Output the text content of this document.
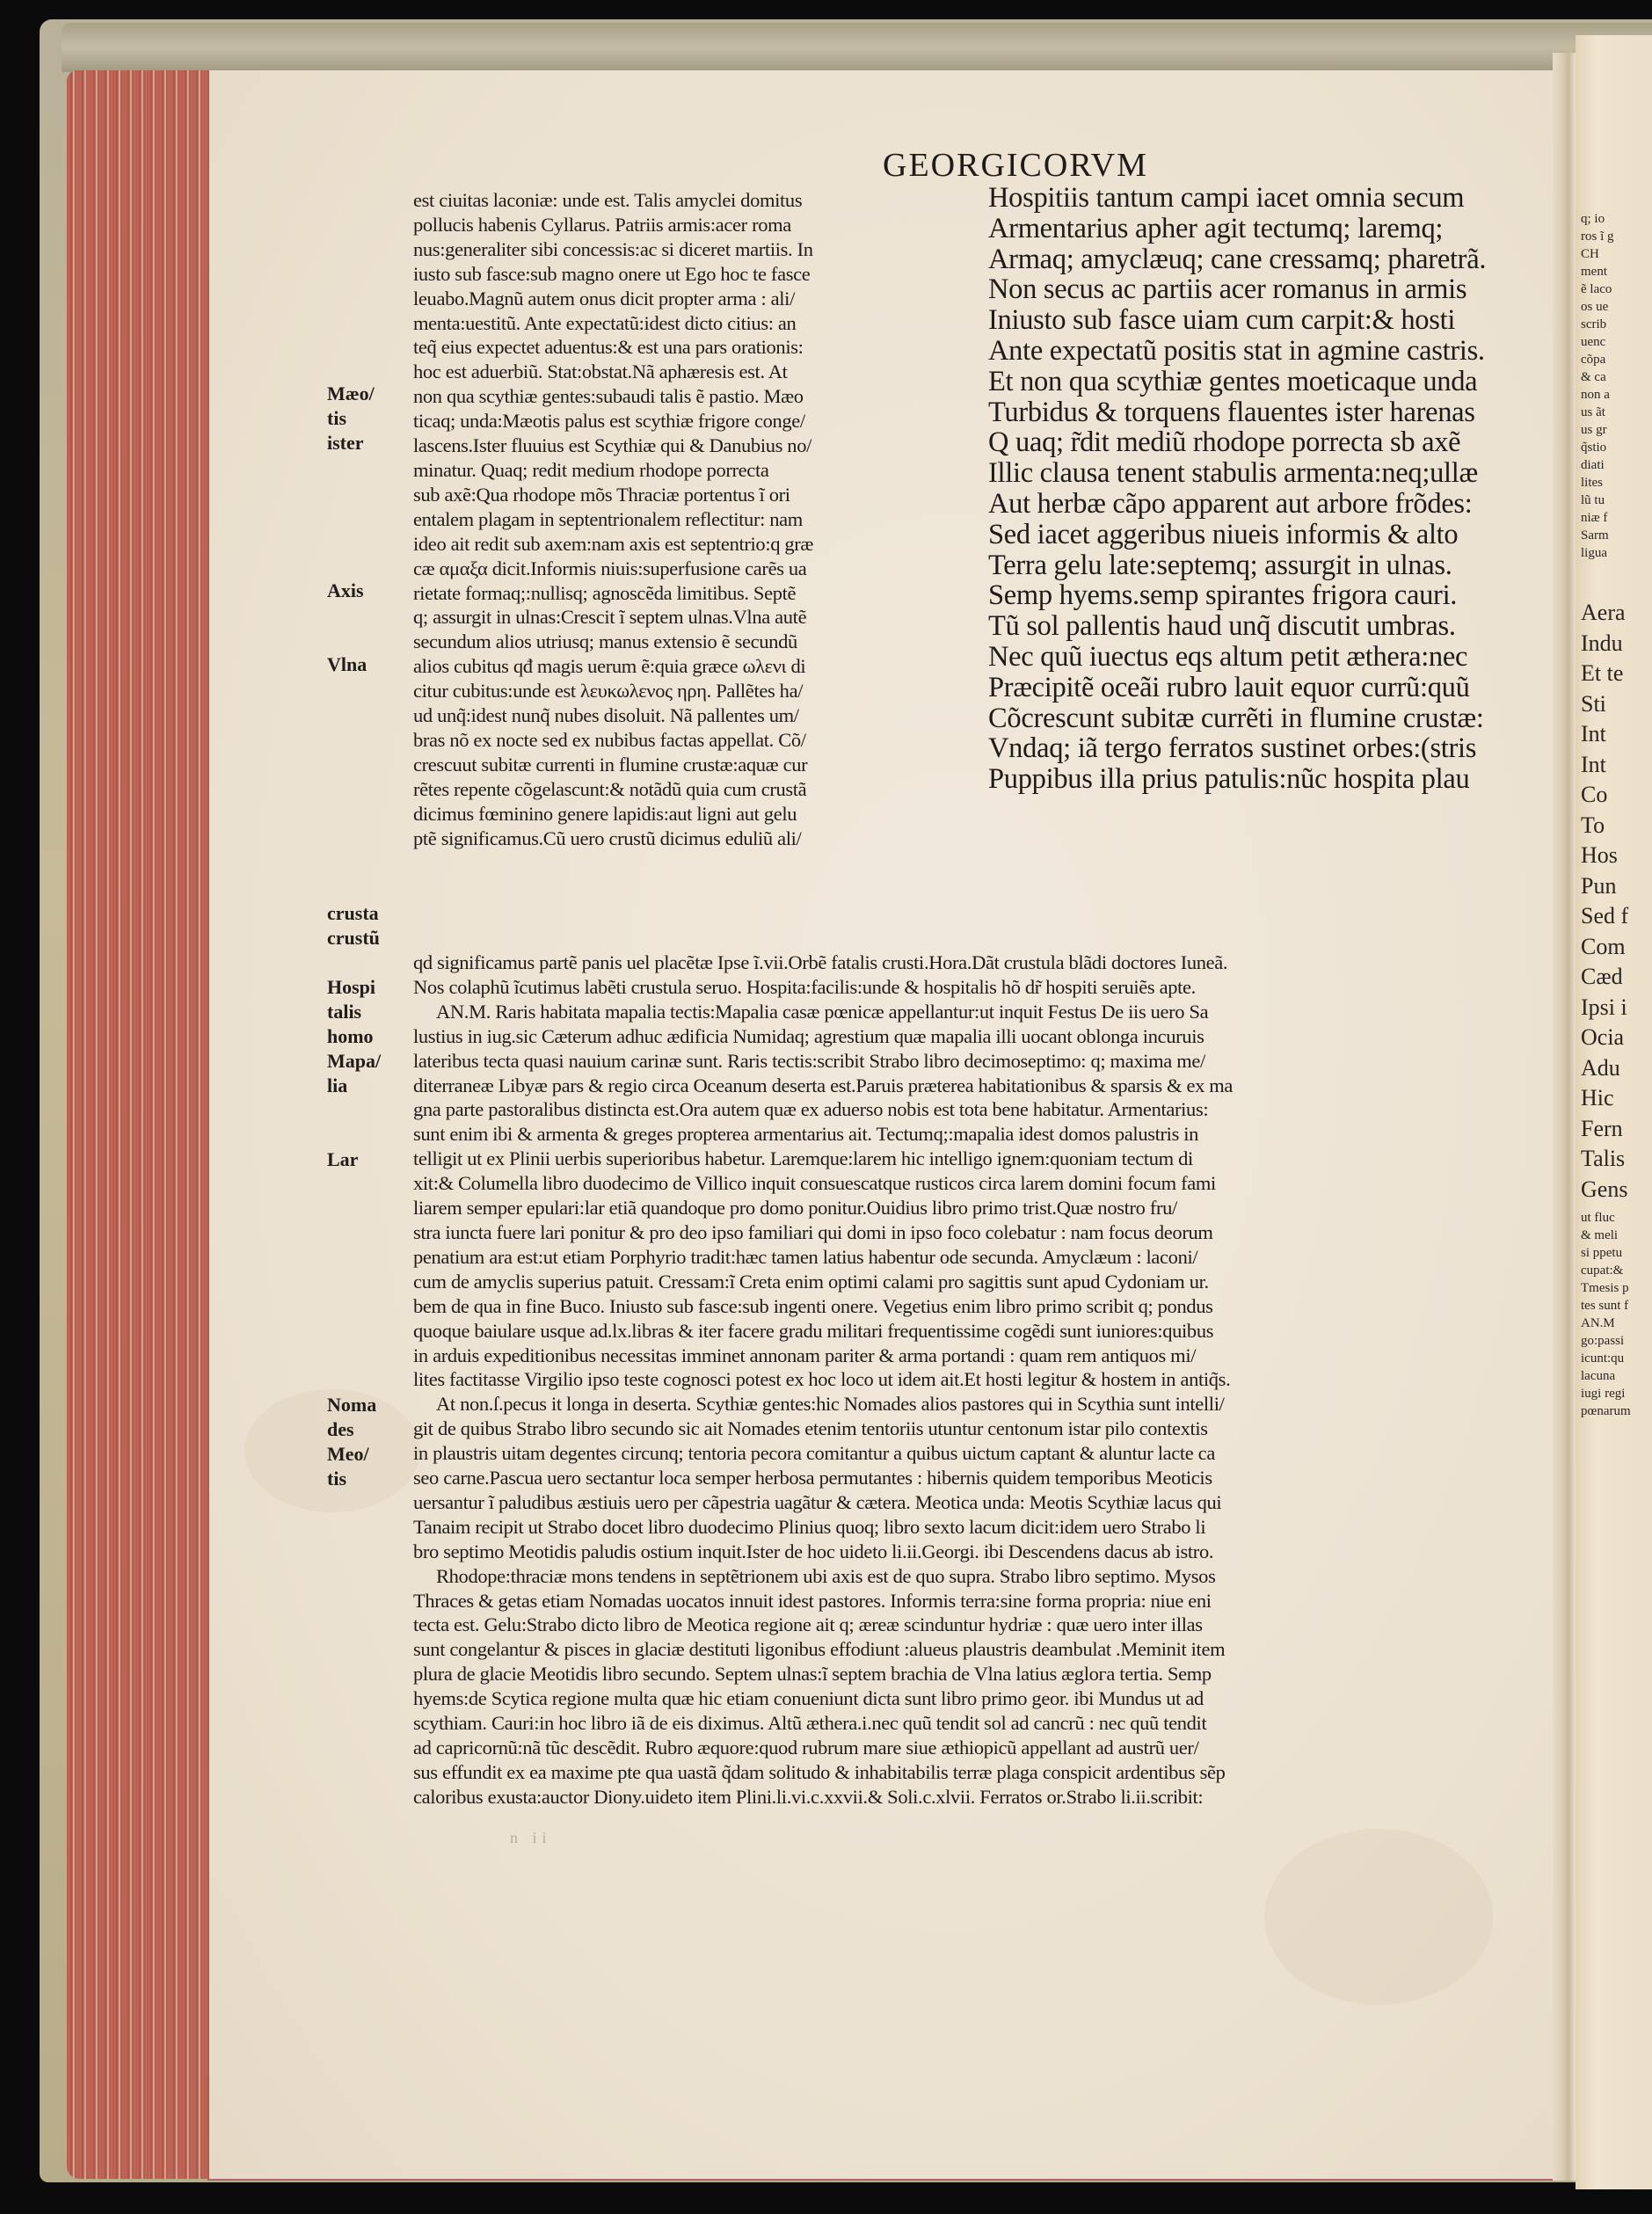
q; io
ros ĩ g
CH
ment
ẽ laco
os ue
scrib
uenc
cõpa
& ca
non a
us ãt
us gr
q̃stio
diati
lites
lũ tu
niæ f
Sarm
ligua
Aera
Indu
Et te
Sti
Int
Int
Co
To
Hos
Pun
Sed f
Com
Cæd
Ipsi i
Ocia
Adu
Hic
Fern
Talis
Gens
ut fluc
& meli
si ppetu
cupat:&
Tmesis p
tes sunt f
AN.M
go:passi
icunt:qu
lacuna
iugi regi
pœnarum
GEORGICORVM
est ciuitas laconiæ: unde est. Talis amyclei domitus
pollucis habenis Cyllarus. Patriis armis:acer roma
nus:generaliter sibi concessis:ac si diceret martiis. In
iusto sub fasce:sub magno onere ut Ego hoc te fasce
leuabo.Magnũ autem onus dicit propter arma : ali/
menta:uestitũ. Ante expectatũ:idest dicto citius: an
teq̃ eius expectet aduentus:& est una pars orationis:
hoc est aduerbiũ. Stat:obstat.Nã aphæresis est. At
non qua scythiæ gentes:subaudi talis ẽ pastio. Mæo
ticaq; unda:Mæotis palus est scythiæ frigore conge/
lascens.Ister fluuius est Scythiæ qui & Danubius no/
minatur. Quaq; redit medium rhodope porrecta
sub axẽ:Qua rhodope mõs Thraciæ portentus ĩ ori
entalem plagam in septentrionalem reflectitur: nam
ideo ait redit sub axem:nam axis est septentrio:q græ
cæ αμαξα dicit.Informis niuis:superfusione carẽs ua
rietate formaq;:nullisq; agnoscẽda limitibus. Septẽ
q; assurgit in ulnas:Crescit ĩ septem ulnas.Vlna autẽ
secundum alios utriusq; manus extensio ẽ secundũ
alios cubitus qđ magis uerum ẽ:quia græce ωλενι di
citur cubitus:unde est λευκωλενος ηρη. Pallẽtes ha/
ud unq̃:idest nunq̃ nubes disoluit. Nã pallentes um/
bras nõ ex nocte sed ex nubibus factas appellat. Cõ/
crescuut subitæ currenti in flumine crustæ:aquæ cur
rẽtes repente cõgelascunt:& notãdũ quia cum crustã
dicimus fœminino genere lapidis:aut ligni aut gelu
ptẽ significamus.Cũ uero crustũ dicimus eduliũ ali/
Hospitiis tantum campi iacet omnia secum
Armentarius apher agit tectumq; laremq;
Armaq; amyclæuq; cane cressamq; pharetrã.
Non secus ac partiis acer romanus in armis
Iniusto sub fasce uiam cum carpit:& hosti
Ante expectatũ positis stat in agmine castris.
Et non qua scythiæ gentes moeticaque unda
Turbidus & torquens flauentes ister harenas
Q uaq; r̃dit mediũ rhodope porrecta sb axẽ
Illic clausa tenent stabulis armenta:neq;ullæ
Aut herbæ cãpo apparent aut arbore frõdes:
Sed iacet aggeribus niueis informis & alto
Terra gelu late:septemq; assurgit in ulnas.
Semp hyems.semp spirantes frigora cauri.
Tũ sol pallentis haud unq̃ discutit umbras.
Nec quũ iuectus eqs altum petit æthera:nec
Præcipitẽ oceãi rubro lauit equor currũ:quũ
Cõcrescunt subitæ currẽti in flumine crustæ:
Vndaq; iã tergo ferratos sustinet orbes:(stris
Puppibus illa prius patulis:nũc hospita plau
qd significamus partẽ panis uel placẽtæ Ipse ĩ.vii.Orbẽ fatalis crusti.Hora.Dãt crustula blãdi doctores Iuneã.
Nos colaphũ ĩcutimus labẽti crustula seruo. Hospita:facilis:unde & hospitalis hõ dr̃ hospiti seruiẽs apte.
AN.M. Raris habitata mapalia tectis:Mapalia casæ pœnicæ appellantur:ut inquit Festus De iis uero Sa
lustius in iug.sic Cæterum adhuc ædificia Numidaq; agrestium quæ mapalia illi uocant oblonga incuruis
lateribus tecta quasi nauium carinæ sunt. Raris tectis:scribit Strabo libro decimoseptimo: q; maxima me/
diterraneæ Libyæ pars & regio circa Oceanum deserta est.Paruis præterea habitationibus & sparsis & ex ma
gna parte pastoralibus distincta est.Ora autem quæ ex aduerso nobis est tota bene habitatur. Armentarius:
sunt enim ibi & armenta & greges propterea armentarius ait. Tectumq;:mapalia idest domos palustris in
telligit ut ex Plinii uerbis superioribus habetur. Laremque:larem hic intelligo ignem:quoniam tectum di
xit:& Columella libro duodecimo de Villico inquit consuescatque rusticos circa larem domini focum fami
liarem semper epulari:lar etiã quandoque pro domo ponitur.Ouidius libro primo trist.Quæ nostro fru/
stra iuncta fuere lari ponitur & pro deo ipso familiari qui domi in ipso foco colebatur : nam focus deorum
penatium ara est:ut etiam Porphyrio tradit:hæc tamen latius habentur ode secunda. Amyclæum : laconi/
cum de amyclis superius patuit. Cressam:ĩ Creta enim optimi calami pro sagittis sunt apud Cydoniam ur.
bem de qua in fine Buco. Iniusto sub fasce:sub ingenti onere. Vegetius enim libro primo scribit q; pondus
quoque baiulare usque ad.lx.libras & iter facere gradu militari frequentissime cogẽdi sunt iuniores:quibus
in arduis expeditionibus necessitas imminet annonam pariter & arma portandi : quam rem antiquos mi/
lites factitasse Virgilio ipso teste cognosci potest ex hoc loco ut idem ait.Et hosti legitur & hostem in antiq̃s.
At non.ſ.pecus it longa in deserta. Scythiæ gentes:hic Nomades alios pastores qui in Scythia sunt intelli/
git de quibus Strabo libro secundo sic ait Nomades etenim tentoriis utuntur centonum istar pilo contextis
in plaustris uitam degentes circunq; tentoria pecora comitantur a quibus uictum captant & aluntur lacte ca
seo carne.Pascua uero sectantur loca semper herbosa permutantes : hibernis quidem temporibus Meoticis
uersantur ĩ paludibus æstiuis uero per cãpestria uagãtur & cætera. Meotica unda: Meotis Scythiæ lacus qui
Tanaim recipit ut Strabo docet libro duodecimo Plinius quoq; libro sexto lacum dicit:idem uero Strabo li
bro septimo Meotidis paludis ostium inquit.Ister de hoc uideto li.ii.Georgi. ibi Descendens dacus ab istro.
Rhodope:thraciæ mons tendens in septẽtrionem ubi axis est de quo supra. Strabo libro septimo. Mysos
Thraces & getas etiam Nomadas uocatos innuit idest pastores. Informis terra:sine forma propria: niue eni
tecta est. Gelu:Strabo dicto libro de Meotica regione ait q; æreæ scinduntur hydriæ : quæ uero inter illas
sunt congelantur & pisces in glaciæ destituti ligonibus effodiunt :alueus plaustris deambulat .Meminit item
plura de glacie Meotidis libro secundo. Septem ulnas:ĩ septem brachia de Vlna latius æglога tertia. Semp
hyems:de Scytica regione multa quæ hic etiam conueniunt dicta sunt libro primo geor. ibi Mundus ut ad
scythiam. Cauri:in hoc libro iã de eis diximus. Altũ æthera.i.nec quũ tendit sol ad cancrũ : nec quũ tendit
ad capricornũ:nã tũc descẽdit. Rubro æquore:quod rubrum mare siue æthiopicũ appellant ad austrũ uer/
sus effundit ex ea maxime pte qua uastã q̃dam solitudo & inhabitabilis terræ plaga conspicit ardentibus sẽp
caloribus exusta:auctor Diony.uideto item Plini.li.vi.c.xxvii.& Soli.c.xlvii. Ferratos or.Strabo li.ii.scribit:
Mæo/
tis
ister
Axis
Vlna
crusta
crustũ
Hospi
talis
homo
Mapa/
lia
Lar
Noma
des
Meo/
tis
n ii
